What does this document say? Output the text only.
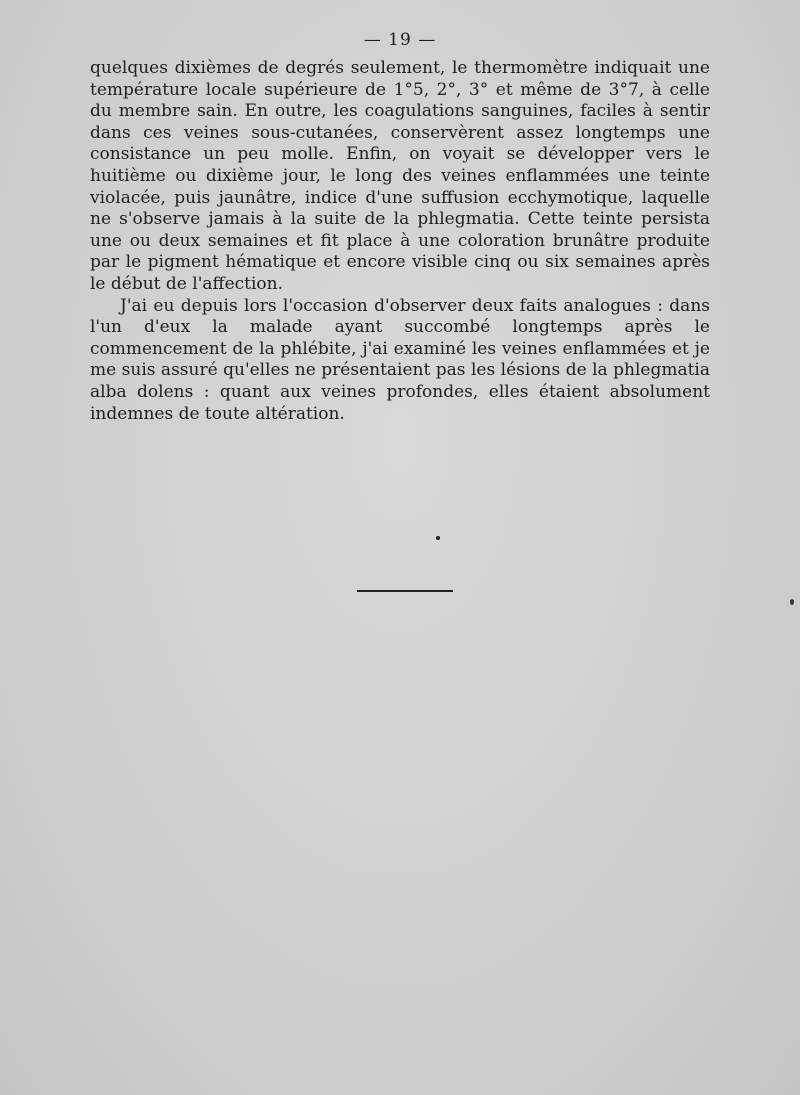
— 19 —

quelques dixièmes de degrés seulement, le thermomètre indiquait une température locale supérieure de 1°5, 2°, 3° et même de 3°7, à celle du membre sain. En outre, les coagulations sanguines, faciles à sentir dans ces veines sous-cutanées, conservèrent assez longtemps une consistance un peu molle. Enfin, on voyait se développer vers le huitième ou dixième jour, le long des veines enflammées une teinte violacée, puis jaunâtre, indice d'une suffusion ecchymotique, laquelle ne s'observe jamais à la suite de la phlegmatia. Cette teinte persista une ou deux semaines et fit place à une coloration brunâtre produite par le pigment hématique et encore visible cinq ou six semaines après le début de l'affection.

J'ai eu depuis lors l'occasion d'observer deux faits analogues : dans l'un d'eux la malade ayant succombé longtemps après le commencement de la phlébite, j'ai examiné les veines enflammées et je me suis assuré qu'elles ne présentaient pas les lésions de la phlegmatia alba dolens : quant aux veines profondes, elles étaient absolument indemnes de toute altération.
